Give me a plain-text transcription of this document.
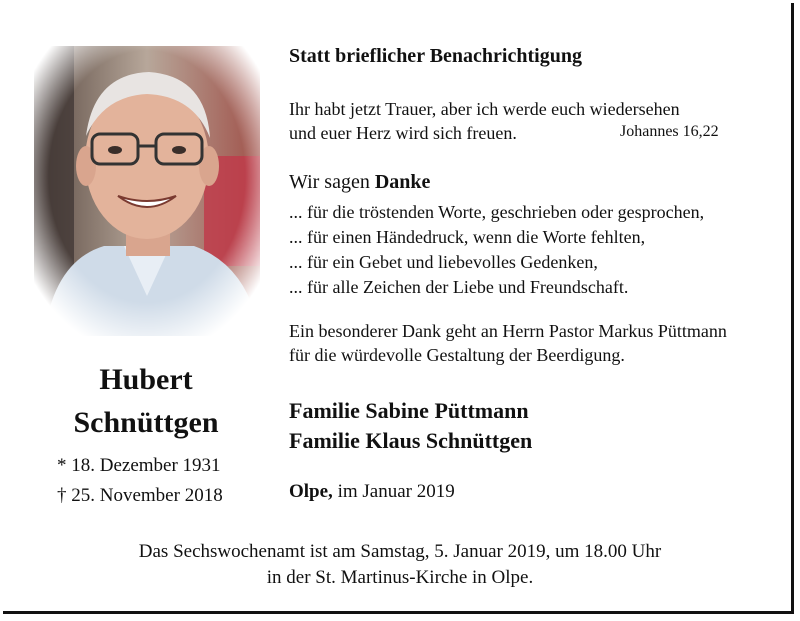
Hubert
Schnüttgen
* 18. Dezember 1931
† 25. November 2018
Statt brieflicher Benachrichtigung
Ihr habt jetzt Trauer, aber ich werde euch wiedersehen
und euer Herz wird sich freuen.	Johannes 16,22
Wir sagen Danke
... für die tröstenden Worte, geschrieben oder gesprochen,
... für einen Händedruck, wenn die Worte fehlten,
... für ein Gebet und liebevolles Gedenken,
... für alle Zeichen der Liebe und Freundschaft.
Ein besonderer Dank geht an Herrn Pastor Markus Püttmann
für die würdevolle Gestaltung der Beerdigung.
Familie Sabine Püttmann
Familie Klaus Schnüttgen
Olpe, im Januar 2019
Das Sechswochenamt ist am Samstag, 5. Januar 2019, um 18.00 Uhr
in der St. Martinus-Kirche in Olpe.
